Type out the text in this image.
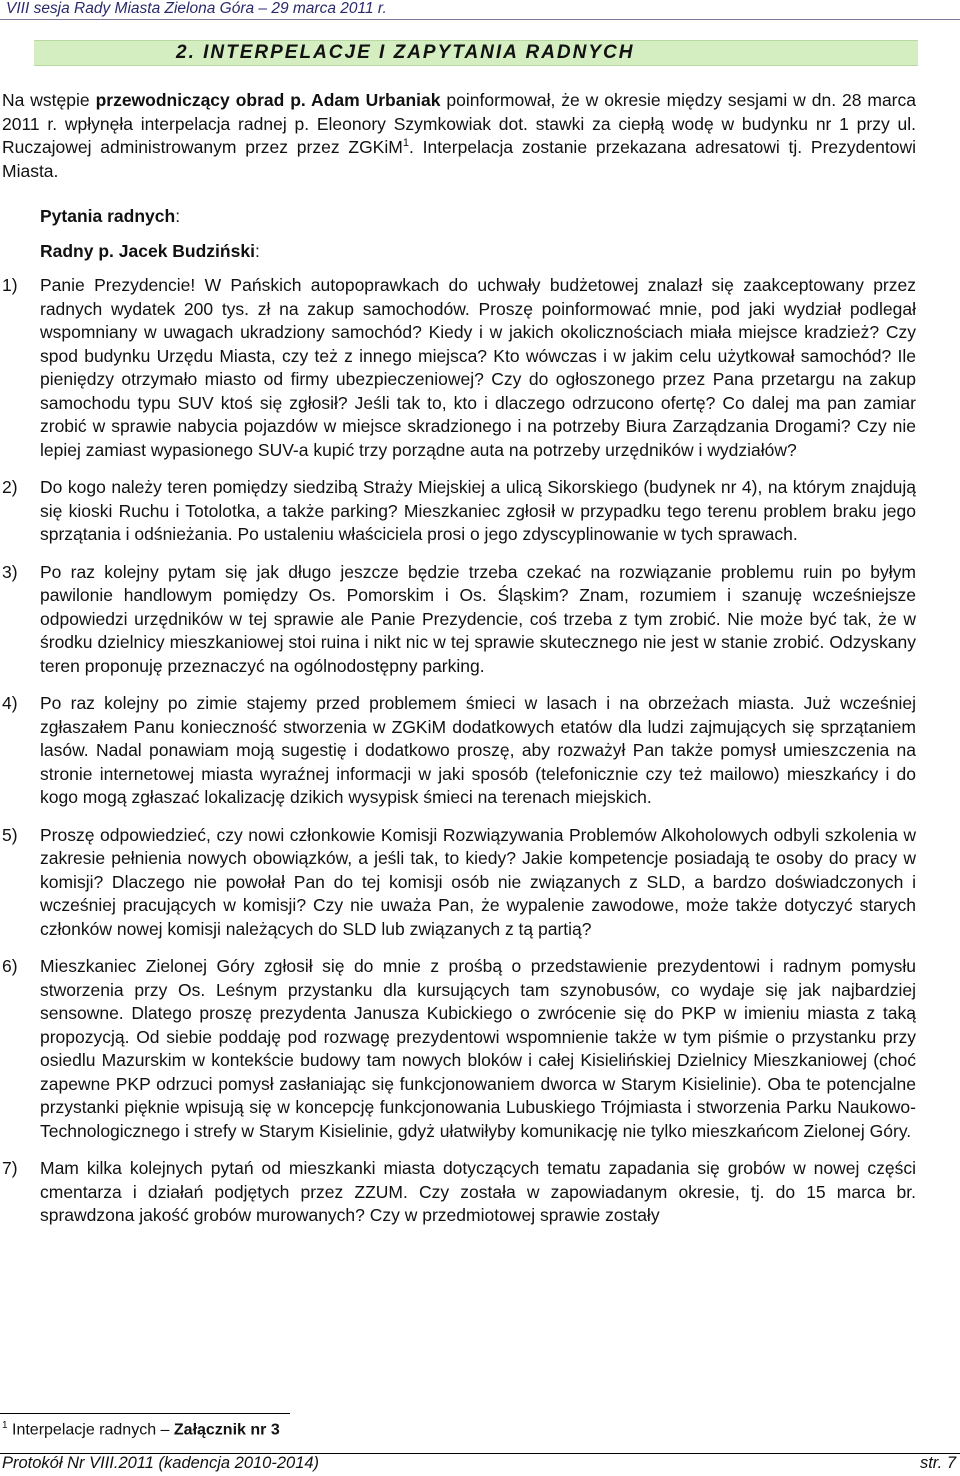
VIII sesja Rady Miasta Zielona Góra – 29 marca 2011 r.
2. INTERPELACJE I ZAPYTANIA RADNYCH
Na wstępie przewodniczący obrad p. Adam Urbaniak poinformował, że w okresie między sesjami w dn. 28 marca 2011 r. wpłynęła interpelacja radnej p. Eleonory Szymkowiak dot. stawki za ciepłą wodę w budynku nr 1 przy ul. Ruczajowej administrowanym przez przez ZGKiM$^1$. Interpelacja zostanie przekazana adresatowi tj. Prezydentowi Miasta.
Pytania radnych:
Radny p. Jacek Budziński:
1)	Panie Prezydencie! W Pańskich autopoprawkach do uchwały budżetowej znalazł się zaakceptowany przez radnych wydatek 200 tys. zł na zakup samochodów. Proszę poinformować mnie, pod jaki wydział podlegał wspomniany w uwagach ukradziony samochód? Kiedy i w jakich okolicznościach miała miejsce kradzież? Czy spod budynku Urzędu Miasta, czy też z innego miejsca? Kto wówczas i w jakim celu użytkował samochód? Ile pieniędzy otrzymało miasto od firmy ubezpieczeniowej? Czy do ogłoszonego przez Pana przetargu na zakup samochodu typu SUV ktoś się zgłosił? Jeśli tak to, kto i dlaczego odrzucono ofertę? Co dalej ma pan zamiar zrobić w sprawie nabycia pojazdów w miejsce skradzionego i na potrzeby Biura Zarządzania Drogami? Czy nie lepiej zamiast wypasionego SUV-a kupić trzy porządne auta na potrzeby urzędników i wydziałów?
2)	Do kogo należy teren pomiędzy siedzibą Straży Miejskiej a ulicą Sikorskiego (budynek nr 4), na którym znajdują się kioski Ruchu i Totolotka, a także parking? Mieszkaniec zgłosił w przypadku tego terenu problem braku jego sprzątania i odśnieżania. Po ustaleniu właściciela prosi o jego zdyscyplinowanie w tych sprawach.
3)	Po raz kolejny pytam się jak długo jeszcze będzie trzeba czekać na rozwiązanie problemu ruin po byłym pawilonie handlowym pomiędzy Os. Pomorskim i Os. Śląskim? Znam, rozumiem i szanuję wcześniejsze odpowiedzi urzędników w tej sprawie ale Panie Prezydencie, coś trzeba z tym zrobić. Nie może być tak, że w środku dzielnicy mieszkaniowej stoi ruina i nikt nic w tej sprawie skutecznego nie jest w stanie zrobić. Odzyskany teren proponuję przeznaczyć na ogólnodostępny parking.
4)	Po raz kolejny po zimie stajemy przed problemem śmieci w lasach i na obrzeżach miasta. Już wcześniej zgłaszałem Panu konieczność stworzenia w ZGKiM dodatkowych etatów dla ludzi zajmujących się sprzątaniem lasów. Nadal ponawiam moją sugestię i dodatkowo proszę, aby rozważył Pan także pomysł umieszczenia na stronie internetowej miasta wyraźnej informacji w jaki sposób (telefonicznie czy też mailowo) mieszkańcy i do kogo mogą zgłaszać lokalizację dzikich wysypisk śmieci na terenach miejskich.
5)	Proszę odpowiedzieć, czy nowi członkowie Komisji Rozwiązywania Problemów Alkoholowych odbyli szkolenia w zakresie pełnienia nowych obowiązków, a jeśli tak, to kiedy? Jakie kompetencje posiadają te osoby do pracy w komisji? Dlaczego nie powołał Pan do tej komisji osób nie związanych z SLD, a bardzo doświadczonych i wcześniej pracujących w komisji? Czy nie uważa Pan, że wypalenie zawodowe, może także dotyczyć starych członków nowej komisji należących do SLD lub związanych z tą partią?
6)	Mieszkaniec Zielonej Góry zgłosił się do mnie z prośbą o przedstawienie prezydentowi i radnym pomysłu stworzenia przy Os. Leśnym przystanku dla kursujących tam szynobusów, co wydaje się jak najbardziej sensowne. Dlatego proszę prezydenta Janusza Kubickiego o zwrócenie się do PKP w imieniu miasta z taką propozycją. Od siebie poddaję pod rozwagę prezydentowi wspomnienie także w tym piśmie o przystanku przy osiedlu Mazurskim w kontekście budowy tam nowych bloków i całej Kisielińskiej Dzielnicy Mieszkaniowej (choć zapewne PKP odrzuci pomysł zasłaniając się funkcjonowaniem dworca w Starym Kisielinie). Oba te potencjalne przystanki pięknie wpisują się w koncepcję funkcjonowania Lubuskiego Trójmiasta i stworzenia Parku Naukowo-Technologicznego i strefy w Starym Kisielinie, gdyż ułatwiłyby komunikację nie tylko mieszkańcom Zielonej Góry.
7)	Mam kilka kolejnych pytań od mieszkanki miasta dotyczących tematu zapadania się grobów w nowej części cmentarza i działań podjętych przez ZZUM. Czy została w zapowiadanym okresie, tj. do 15 marca br. sprawdzona jakość grobów murowanych? Czy w przedmiotowej sprawie zostały
$^1$ Interpelacje radnych – Załącznik nr 3
Protokół Nr VIII.2011 (kadencja 2010-2014)	str. 7
